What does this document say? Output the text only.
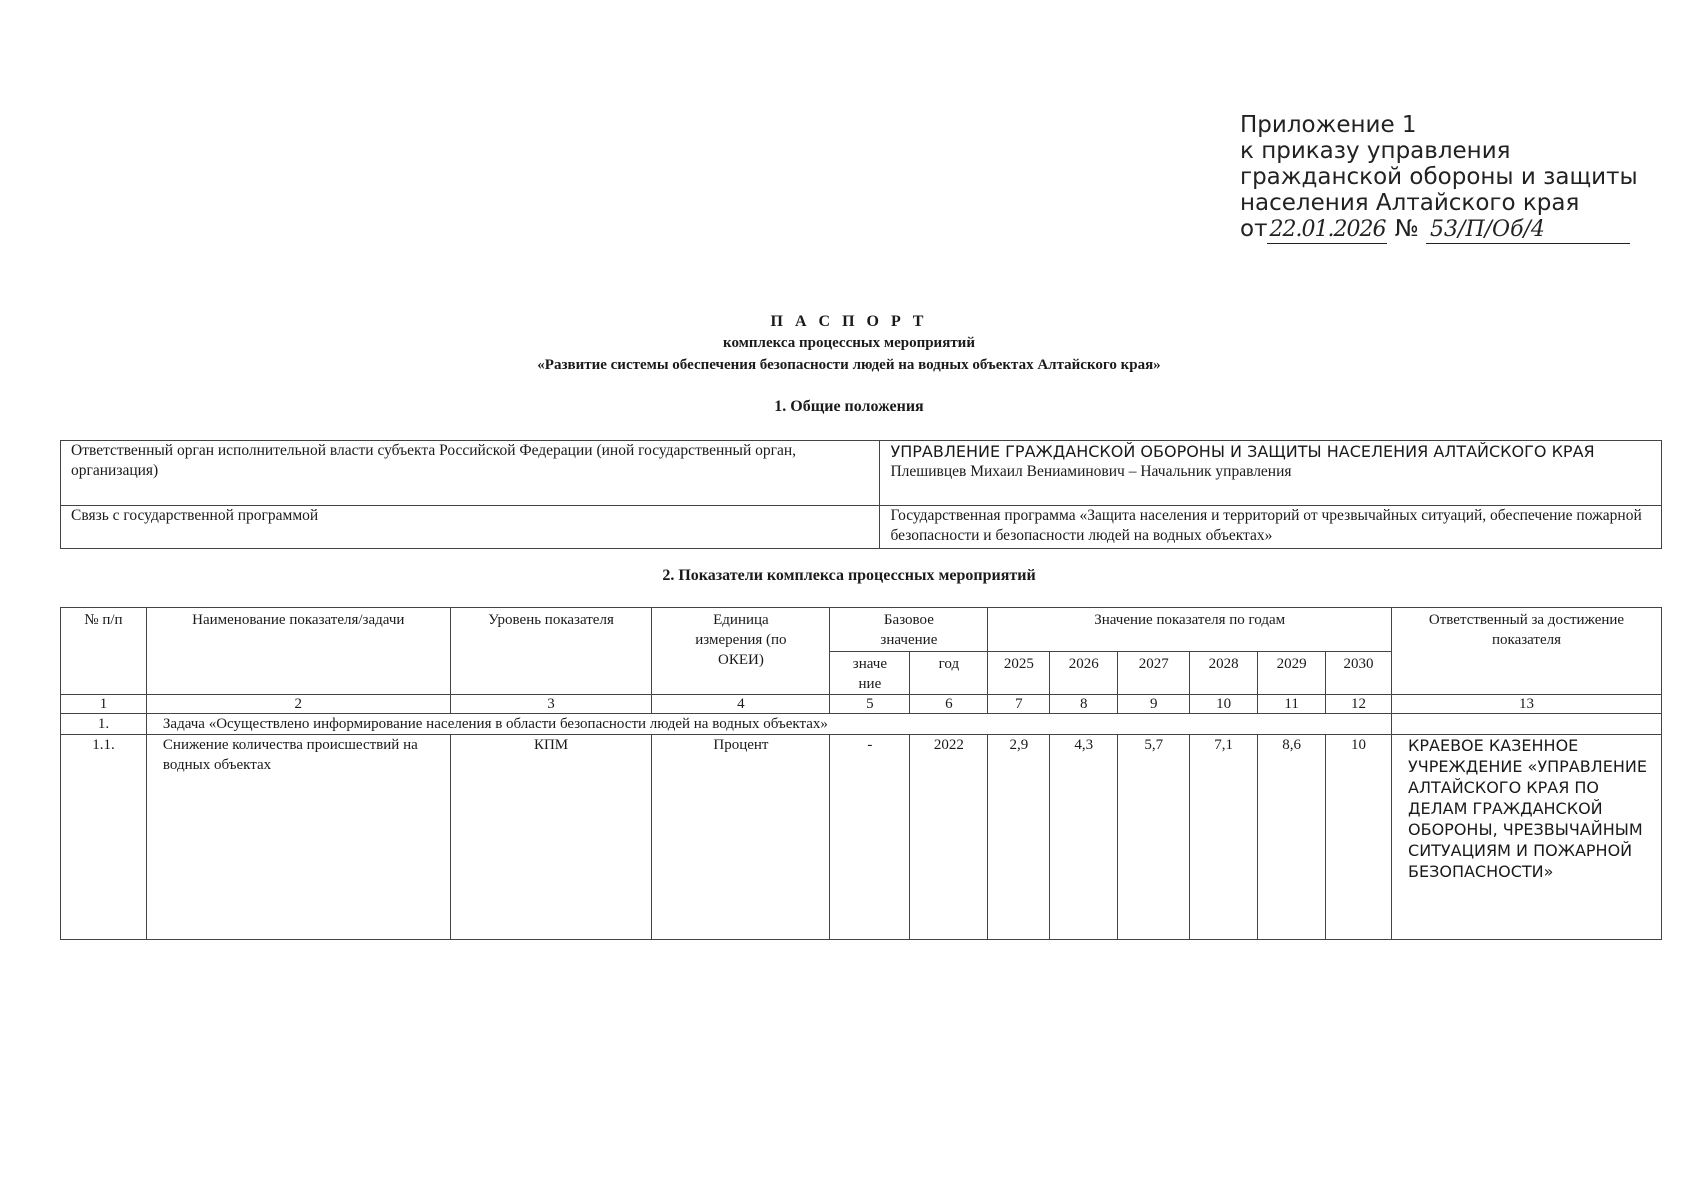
Приложение 1
к приказу управления
гражданской обороны и защиты
населения Алтайского края
от22.01.2026 № 53/П/Об/4
П А С П О Р Т
комплекса процессных мероприятий
«Развитие системы обеспечения безопасности людей на водных объектах Алтайского края»
1. Общие положения
Ответственный орган исполнительной власти субъекта Российской Федерации (иной государственный орган, организация)	УПРАВЛЕНИЕ ГРАЖДАНСКОЙ ОБОРОНЫ И ЗАЩИТЫ НАСЕЛЕНИЯ АЛТАЙСКОГО КРАЯ
Плешивцев Михаил Вениаминович – Начальник управления

Связь с государственной программой	Государственная программа «Защита населения и территорий от чрезвычайных ситуаций, обеспечение пожарной безопасности и безопасности людей на водных объектах»
2. Показатели комплекса процессных мероприятий
№ п/п	Наименование показателя/задачи	Уровень показателя	Единица измерения (по ОКЕИ)	Базовое значение		Значение показателя по годам						Ответственный за достижение показателя
				значе ние	год	2025	2026	2027	2028	2029	2030	
1	2	3	4	5	6	7	8	9	10	11	12	13
1.	Задача «Осуществлено информирование населения в области безопасности людей на водных объектах»											
1.1.	Снижение количества происшествий на водных объектах	КПМ	Процент	-	2022	2,9	4,3	5,7	7,1	8,6	10	КРАЕВОЕ КАЗЕННОЕ УЧРЕЖДЕНИЕ «УПРАВЛЕНИЕ АЛТАЙСКОГО КРАЯ ПО ДЕЛАМ ГРАЖДАНСКОЙ ОБОРОНЫ, ЧРЕЗВЫЧАЙНЫМ СИТУАЦИЯМ И ПОЖАРНОЙ БЕЗОПАСНОСТИ»
